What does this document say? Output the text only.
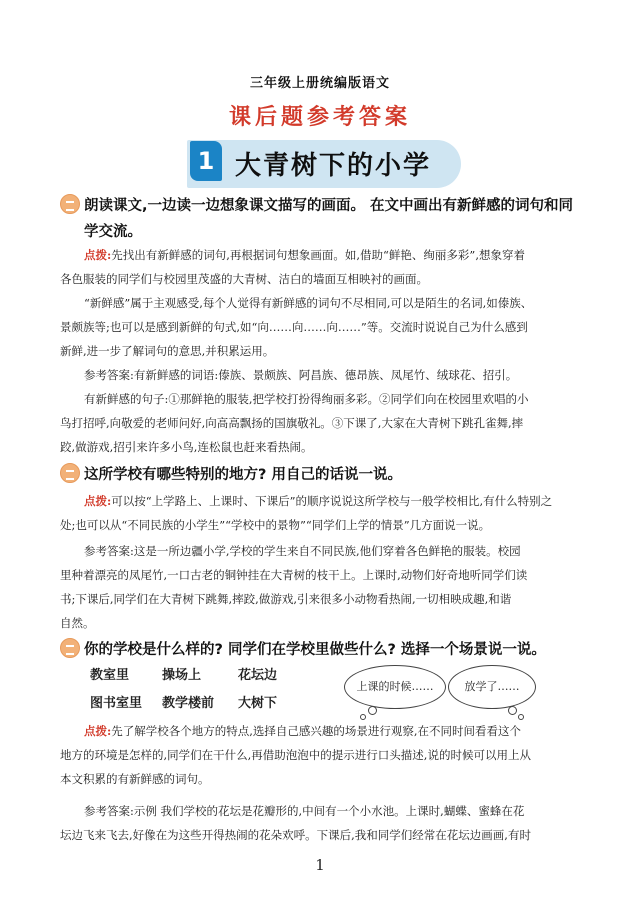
三年级上册统编版语文
课后题参考答案
1 大青树下的小学
朗读课文,一边读一边想象课文描写的画面。 在文中画出有新鲜感的词句和同
学交流。
点拨:先找出有新鲜感的词句,再根据词句想象画面。如,借助“鲜艳、绚丽多彩”,想象穿着
各色服装的同学们与校园里茂盛的大青树、洁白的墙面互相映衬的画面。
“新鲜感”属于主观感受,每个人觉得有新鲜感的词句不尽相同,可以是陌生的名词,如傣族、
景颇族等;也可以是感到新鲜的句式,如“向……向……向……”等。交流时说说自己为什么感到
新鲜,进一步了解词句的意思,并积累运用。
参考答案:有新鲜感的词语:傣族、景颇族、阿昌族、德昂族、凤尾竹、绒球花、招引。
有新鲜感的句子:①那鲜艳的服装,把学校打扮得绚丽多彩。②同学们向在校园里欢唱的小
鸟打招呼,向敬爱的老师问好,向高高飘扬的国旗敬礼。③下课了,大家在大青树下跳孔雀舞,摔
跤,做游戏,招引来许多小鸟,连松鼠也赶来看热闹。
这所学校有哪些特别的地方? 用自己的话说一说。
点拨:可以按“上学路上、上课时、下课后”的顺序说说这所学校与一般学校相比,有什么特别之
处;也可以从“不同民族的小学生”“学校中的景物”“同学们上学的情景”几方面说一说。
参考答案:这是一所边疆小学,学校的学生来自不同民族,他们穿着各色鲜艳的服装。校园
里种着漂亮的凤尾竹,一口古老的铜钟挂在大青树的枝干上。上课时,动物们好奇地听同学们读
书;下课后,同学们在大青树下跳舞,摔跤,做游戏,引来很多小动物看热闹,一切相映成趣,和谐
自然。
你的学校是什么样的? 同学们在学校里做些什么? 选择一个场景说一说。
教室里	操场上	花坛边
图书室里 教学楼前 大树下
上课的时候……	放学了……
点拨:先了解学校各个地方的特点,选择自己感兴趣的场景进行观察,在不同时间看看这个
地方的环境是怎样的,同学们在干什么,再借助泡泡中的提示进行口头描述,说的时候可以用上从
本文积累的有新鲜感的词句。
参考答案:示例 我们学校的花坛是花瓣形的,中间有一个小水池。上课时,蝴蝶、蜜蜂在花
坛边飞来飞去,好像在为这些开得热闹的花朵欢呼。下课后,我和同学们经常在花坛边画画,有时
1
